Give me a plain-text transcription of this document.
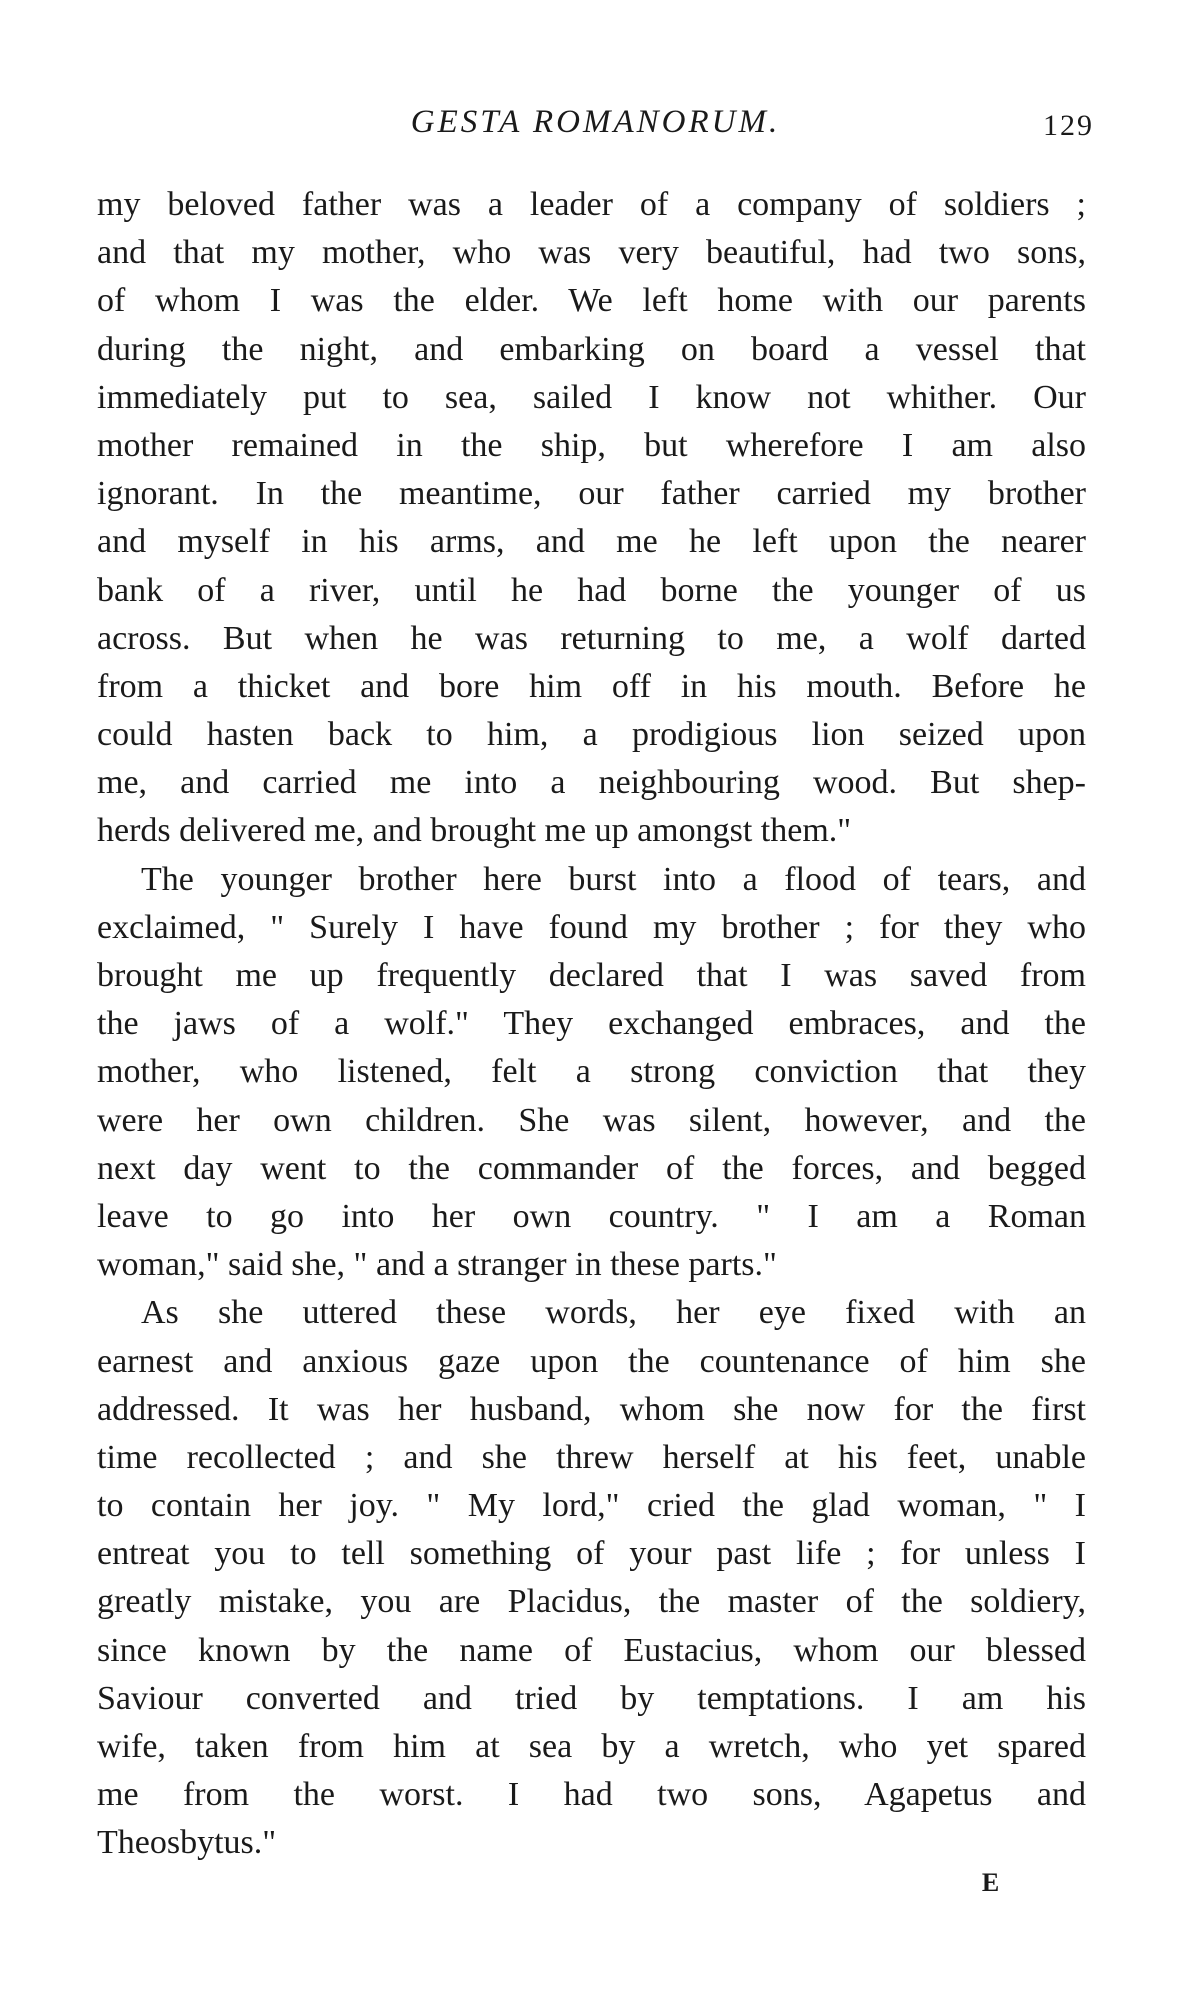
GESTA ROMANORUM.	129
my beloved father was a leader of a company of soldiers ;
and that my mother, who was very beautiful, had two sons,
of whom I was the elder. We left home with our parents
during the night, and embarking on board a vessel that
immediately put to sea, sailed I know not whither. Our
mother remained in the ship, but wherefore I am also
ignorant. In the meantime, our father carried my brother
and myself in his arms, and me he left upon the nearer
bank of a river, until he had borne the younger of us
across. But when he was returning to me, a wolf darted
from a thicket and bore him off in his mouth. Before he
could hasten back to him, a prodigious lion seized upon
me, and carried me into a neighbouring wood. But shep-
herds delivered me, and brought me up amongst them."
The younger brother here burst into a flood of tears, and
exclaimed, " Surely I have found my brother ; for they who
brought me up frequently declared that I was saved from
the jaws of a wolf." They exchanged embraces, and the
mother, who listened, felt a strong conviction that they
were her own children. She was silent, however, and the
next day went to the commander of the forces, and begged
leave to go into her own country. " I am a Roman
woman," said she, " and a stranger in these parts."
As she uttered these words, her eye fixed with an
earnest and anxious gaze upon the countenance of him she
addressed. It was her husband, whom she now for the first
time recollected ; and she threw herself at his feet, unable
to contain her joy. " My lord," cried the glad woman, " I
entreat you to tell something of your past life ; for unless I
greatly mistake, you are Placidus, the master of the soldiery,
since known by the name of Eustacius, whom our blessed
Saviour converted and tried by temptations. I am his
wife, taken from him at sea by a wretch, who yet spared
me from the worst. I had two sons, Agapetus and
Theosbytus."
E
